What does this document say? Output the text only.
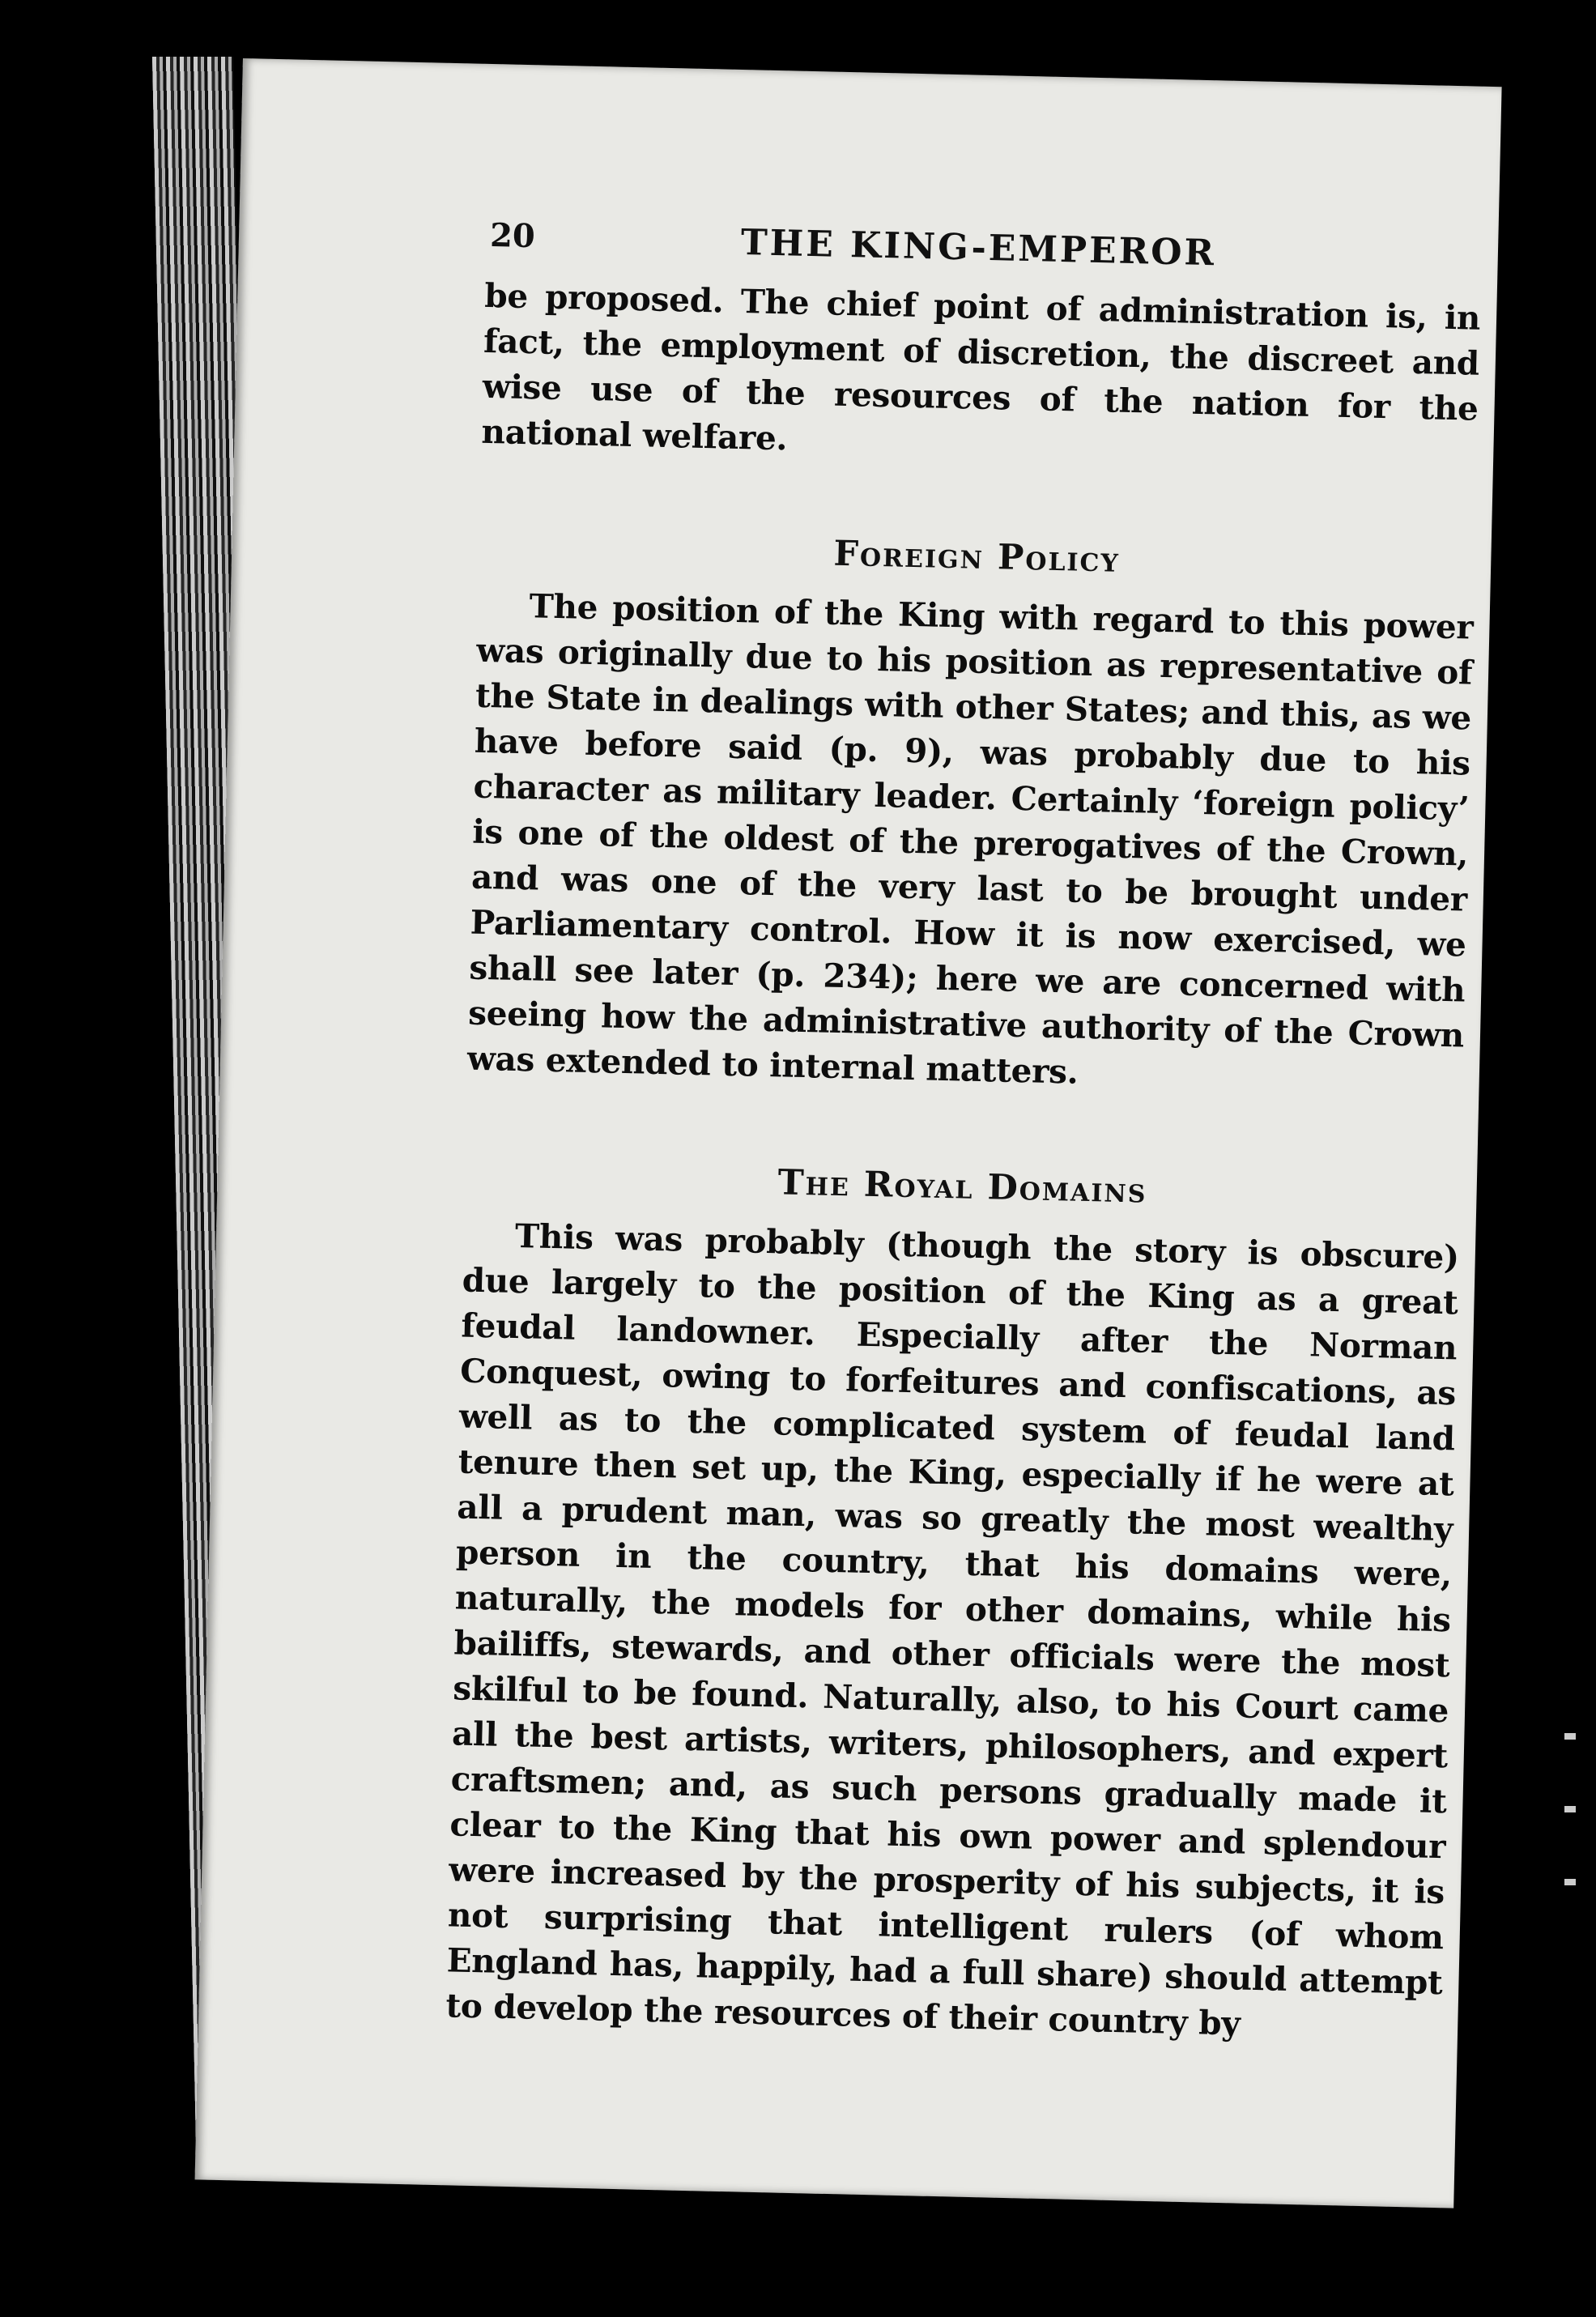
20	THE KING-EMPEROR

be proposed. The chief point of administration is, in fact, the employment of discretion, the discreet and wise use of the resources of the nation for the national welfare.

Foreign Policy

The position of the King with regard to this power was originally due to his position as representative of the State in dealings with other States; and this, as we have before said (p. 9), was probably due to his character as military leader. Certainly ‘foreign policy’ is one of the oldest of the prerogatives of the Crown, and was one of the very last to be brought under Parliamentary control. How it is now exercised, we shall see later (p. 234); here we are concerned with seeing how the administrative authority of the Crown was extended to internal matters.

The Royal Domains

This was probably (though the story is obscure) due largely to the position of the King as a great feudal landowner. Especially after the Norman Conquest, owing to forfeitures and confiscations, as well as to the complicated system of feudal land tenure then set up, the King, especially if he were at all a prudent man, was so greatly the most wealthy person in the country, that his domains were, naturally, the models for other domains, while his bailiffs, stewards, and other officials were the most skilful to be found. Naturally, also, to his Court came all the best artists, writers, philosophers, and expert craftsmen; and, as such persons gradually made it clear to the King that his own power and splendour were increased by the prosperity of his subjects, it is not surprising that intelligent rulers (of whom England has, happily, had a full share) should attempt to develop the resources of their country by
